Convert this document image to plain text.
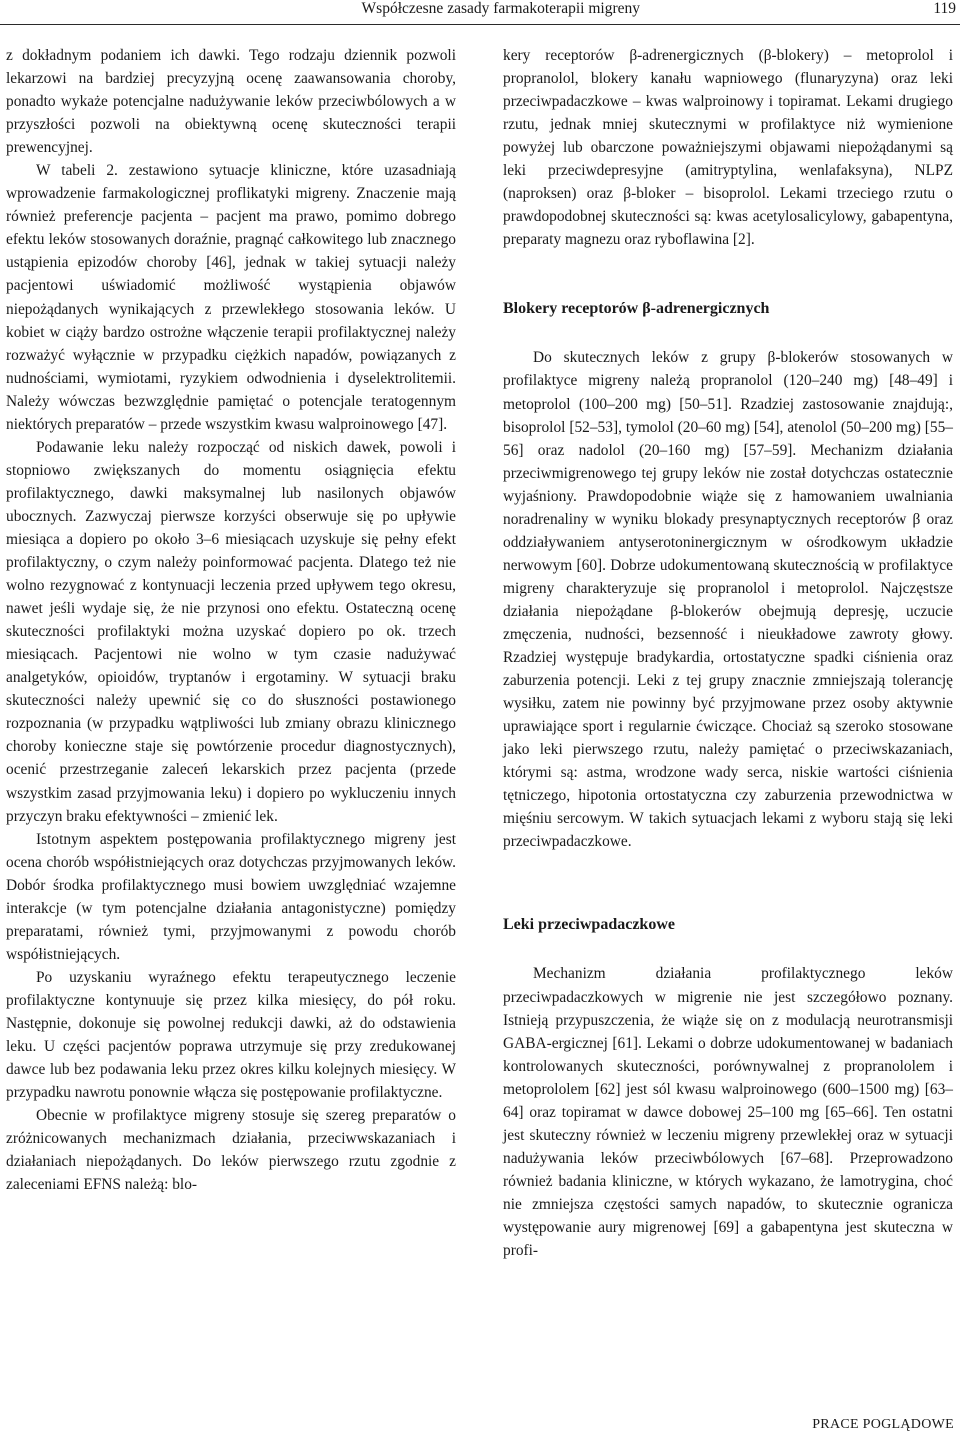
Współczesne zasady farmakoterapii migreny	119

z dokładnym podaniem ich dawki. Tego rodzaju dziennik pozwoli lekarzowi na bardziej precyzyjną ocenę zaawansowania choroby, ponadto wykaże potencjalne nadużywanie leków przeciwbólowych a w przyszłości pozwoli na obiektywną ocenę skuteczności terapii prewencyjnej.

W tabeli 2. zestawiono sytuacje kliniczne, które uzasadniają wprowadzenie farmakologicznej proflikatyki migreny. Znaczenie mają również preferencje pacjenta – pacjent ma prawo, pomimo dobrego efektu leków stosowanych doraźnie, pragnąć całkowitego lub znacznego ustąpienia epizodów choroby [46], jednak w takiej sytuacji należy pacjentowi uświadomić możliwość wystąpienia objawów niepożądanych wynikających z przewlekłego stosowania leków. U kobiet w ciąży bardzo ostrożne włączenie terapii profilaktycznej należy rozważyć wyłącznie w przypadku ciężkich napadów, powiązanych z nudnościami, wymiotami, ryzykiem odwodnienia i dyselektrolitemii. Należy wówczas bezwzględnie pamiętać o potencjale teratogennym niektórych preparatów – przede wszystkim kwasu walproinowego [47].

Podawanie leku należy rozpocząć od niskich dawek, powoli i stopniowo zwiększanych do momentu osiągnięcia efektu profilaktycznego, dawki maksymalnej lub nasilonych objawów ubocznych. Zazwyczaj pierwsze korzyści obserwuje się po upływie miesiąca a dopiero po około 3–6 miesiącach uzyskuje się pełny efekt profilaktyczny, o czym należy poinformować pacjenta. Dlatego też nie wolno rezygnować z kontynuacji leczenia przed upływem tego okresu, nawet jeśli wydaje się, że nie przynosi ono efektu. Ostateczną ocenę skuteczności profilaktyki można uzyskać dopiero po ok. trzech miesiącach. Pacjentowi nie wolno w tym czasie nadużywać analgetyków, opioidów, tryptanów i ergotaminy. W sytuacji braku skuteczności należy upewnić się co do słuszności postawionego rozpoznania (w przypadku wątpliwości lub zmiany obrazu klinicznego choroby konieczne staje się powtórzenie procedur diagnostycznych), ocenić przestrzeganie zaleceń lekarskich przez pacjenta (przede wszystkim zasad przyjmowania leku) i dopiero po wykluczeniu innych przyczyn braku efektywności – zmienić lek.

Istotnym aspektem postępowania profilaktycznego migreny jest ocena chorób współistniejących oraz dotychczas przyjmowanych leków. Dobór środka profilaktycznego musi bowiem uwzględniać wzajemne interakcje (w tym potencjalne działania antagonistyczne) pomiędzy preparatami, również tymi, przyjmowanymi z powodu chorób współistniejących.

Po uzyskaniu wyraźnego efektu terapeutycznego leczenie profilaktyczne kontynuuje się przez kilka miesięcy, do pół roku. Następnie, dokonuje się powolnej redukcji dawki, aż do odstawienia leku. U części pacjentów poprawa utrzymuje się przy zredukowanej dawce lub bez podawania leku przez okres kilku kolejnych miesięcy. W przypadku nawrotu ponownie włącza się postępowanie profilaktyczne.

Obecnie w profilaktyce migreny stosuje się szereg preparatów o zróżnicowanych mechanizmach działania, przeciwwskazaniach i działaniach niepożądanych. Do leków pierwszego rzutu zgodnie z zaleceniami EFNS należą: blo-

kery receptorów β-adrenergicznych (β-blokery) – metoprolol i propranolol, blokery kanału wapniowego (flunaryzyna) oraz leki przeciwpadaczkowe – kwas walproinowy i topiramat. Lekami drugiego rzutu, jednak mniej skutecznymi w profilaktyce niż wymienione powyżej lub obarczone poważniejszymi objawami niepożądanymi są leki przeciwdepresyjne (amitryptylina, wenlafaksyna), NLPZ (naproksen) oraz β-bloker – bisoprolol. Lekami trzeciego rzutu o prawdopodobnej skuteczności są: kwas acetylosalicylowy, gabapentyna, preparaty magnezu oraz ryboflawina [2].

Blokery receptorów β-adrenergicznych

Do skutecznych leków z grupy β-blokerów stosowanych w profilaktyce migreny należą propranolol (120–240 mg) [48–49] i metoprolol (100–200 mg) [50–51]. Rzadziej zastosowanie znajdują:, bisoprolol [52–53], tymolol (20–60 mg) [54], atenolol (50–200 mg) [55–56] oraz nadolol (20–160 mg) [57–59]. Mechanizm działania przeciwmigrenowego tej grupy leków nie został dotychczas ostatecznie wyjaśniony. Prawdopodobnie wiąże się z hamowaniem uwalniania noradrenaliny w wyniku blokady presynaptycznych receptorów β oraz oddziaływaniem antyserotoninergicznym w ośrodkowym układzie nerwowym [60]. Dobrze udokumentowaną skutecznością w profilaktyce migreny charakteryzuje się propranolol i metoprolol. Najczęstsze działania niepożądane β-blokerów obejmują depresję, uczucie zmęczenia, nudności, bezsenność i nieukładowe zawroty głowy. Rzadziej występuje bradykardia, ortostatyczne spadki ciśnienia oraz zaburzenia potencji. Leki z tej grupy znacznie zmniejszają tolerancję wysiłku, zatem nie powinny być przyjmowane przez osoby aktywnie uprawiające sport i regularnie ćwiczące. Chociaż są szeroko stosowane jako leki pierwszego rzutu, należy pamiętać o przeciwskazaniach, którymi są: astma, wrodzone wady serca, niskie wartości ciśnienia tętniczego, hipotonia ortostatyczna czy zaburzenia przewodnictwa w mięśniu sercowym. W takich sytuacjach lekami z wyboru stają się leki przeciwpadaczkowe.

Leki przeciwpadaczkowe

Mechanizm działania profilaktycznego leków przeciwpadaczkowych w migrenie nie jest szczegółowo poznany. Istnieją przypuszczenia, że wiąże się on z modulacją neurotransmisji GABA-ergicznej [61]. Lekami o dobrze udokumentowanej w badaniach kontrolowanych skuteczności, porównywalnej z propranololem i metoprololem [62] jest sól kwasu walproinowego (600–1500 mg) [63–64] oraz topiramat w dawce dobowej 25–100 mg [65–66]. Ten ostatni jest skuteczny również w leczeniu migreny przewlekłej oraz w sytuacji nadużywania leków przeciwbólowych [67–68]. Przeprowadzono również badania kliniczne, w których wykazano, że lamotrygina, choć nie zmniejsza częstości samych napadów, to skutecznie ogranicza występowanie aury migrenowej [69] a gabapentyna jest skuteczna w profi-

PRACE POGLĄDOWE
